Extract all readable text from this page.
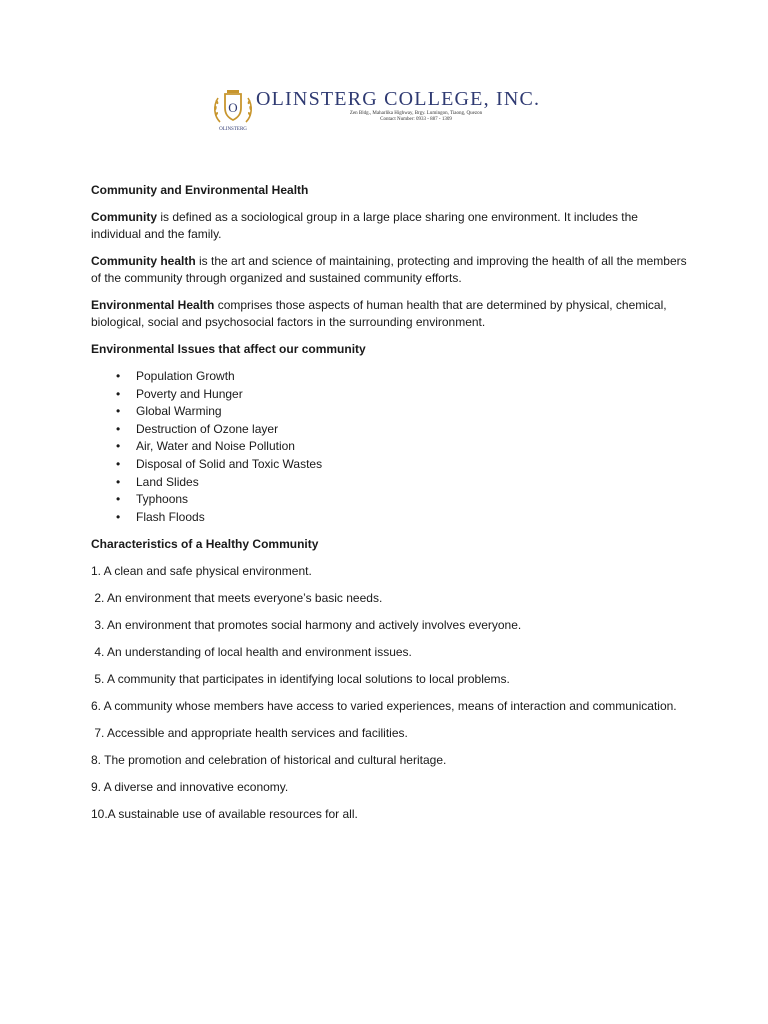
O
OLINSTERG
OLINSTERG COLLEGE, INC.
Zen Bldg., Maharlika Highway, Brgy. Lumingon, Tiaong, Quezon
Contact Number: 0933 - 887 - 1309
Community and Environmental Health
Community is defined as a sociological group in a large place sharing one environment. It includes the individual and the family.
Community health is the art and science of maintaining, protecting and improving the health of all the members of the community through organized and sustained community efforts.
Environmental Health comprises those aspects of human health that are determined by physical, chemical, biological, social and psychosocial factors in the surrounding environment.
Environmental Issues that affect our community
• Population Growth
• Poverty and Hunger
• Global Warming
• Destruction of Ozone layer
• Air, Water and Noise Pollution
• Disposal of Solid and Toxic Wastes
• Land Slides
• Typhoons
• Flash Floods
Characteristics of a Healthy Community
1. A clean and safe physical environment.
2. An environment that meets everyone’s basic needs.
3. An environment that promotes social harmony and actively involves everyone.
4. An understanding of local health and environment issues.
5. A community that participates in identifying local solutions to local problems.
6. A community whose members have access to varied experiences, means of interaction and communication.
7. Accessible and appropriate health services and facilities.
8. The promotion and celebration of historical and cultural heritage.
9. A diverse and innovative economy.
10.A sustainable use of available resources for all.
